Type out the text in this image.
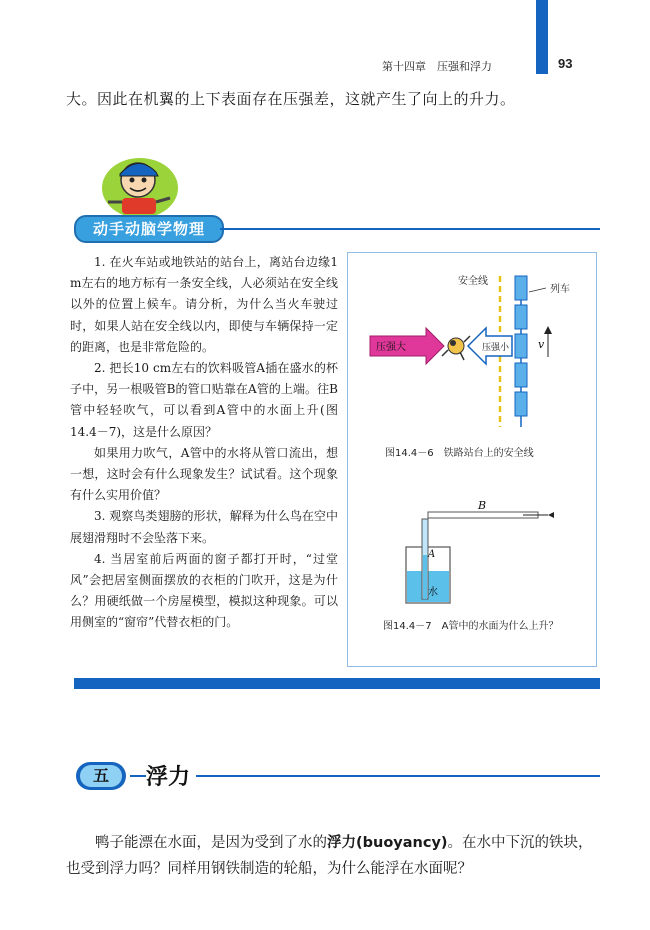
第十四章　压强和浮力	93
大。因此在机翼的上下表面存在压强差，这就产生了向上的升力。
动手动脑学物理

1. 在火车站或地铁站的站台上，离站台边缘1 m左右的地方标有一条安全线，人必须站在安全线以外的位置上候车。请分析，为什么当火车驶过时，如果人站在安全线以内，即使与车辆保持一定的距离，也是非常危险的。

2. 把长10 cm左右的饮料吸管A插在盛水的杯子中，另一根吸管B的管口贴靠在A管的上端。往B管中轻轻吹气，可以看到A管中的水面上升(图14.4－7)，这是什么原因？

如果用力吹气，A管中的水将从管口流出，想一想，这时会有什么现象发生？试试看。这个现象有什么实用价值？

3. 观察鸟类翅膀的形状，解释为什么鸟在空中展翅滑翔时不会坠落下来。

4. 当居室前后两面的窗子都打开时，“过堂风”会把居室侧面摆放的衣柜的门吹开，这是为什么？用硬纸做一个房屋模型，模拟这种现象。可以用侧室的“窗帘”代替衣柜的门。

安全线
列车
压强大	压强小	v
图14.4－6　铁路站台上的安全线
B
A
水
图14.4－7　A管中的水面为什么上升？
五	浮力

鸭子能漂在水面，是因为受到了水的浮力(buoyancy)。在水中下沉的铁块，也受到浮力吗？同样用钢铁制造的轮船，为什么能浮在水面呢？
